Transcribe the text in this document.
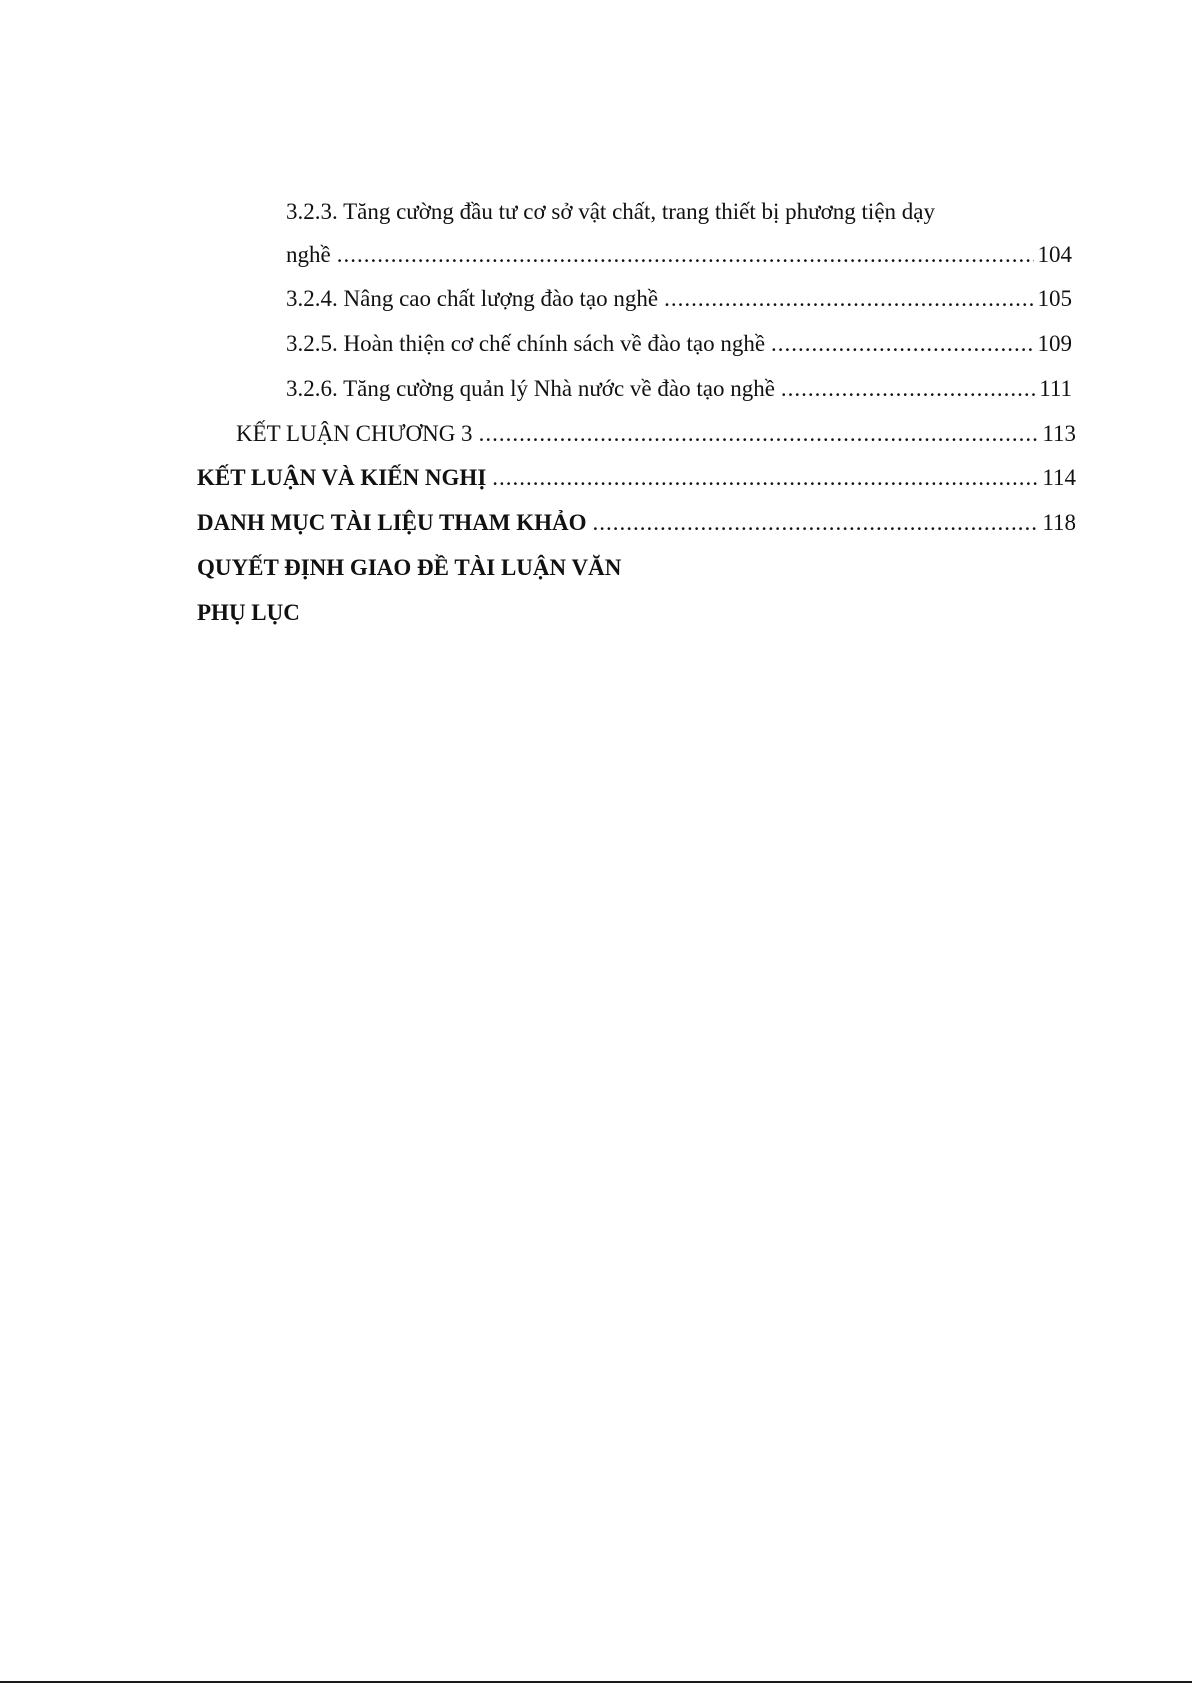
3.2.3. Tăng cường đầu tư cơ sở vật chất, trang thiết bị phương tiện dạy
nghề .....	104
3.2.4. Nâng cao chất lượng đào tạo nghề .....	105
3.2.5. Hoàn thiện cơ chế chính sách về đào tạo nghề .....	109
3.2.6. Tăng cường quản lý Nhà nước về đào tạo nghề .....	111
KẾT LUẬN CHƯƠNG 3 .....	113
KẾT LUẬN VÀ KIẾN NGHỊ .....	114
DANH MỤC TÀI LIỆU THAM KHẢO .....	118
QUYẾT ĐỊNH GIAO ĐỀ TÀI LUẬN VĂN
PHỤ LỤC
